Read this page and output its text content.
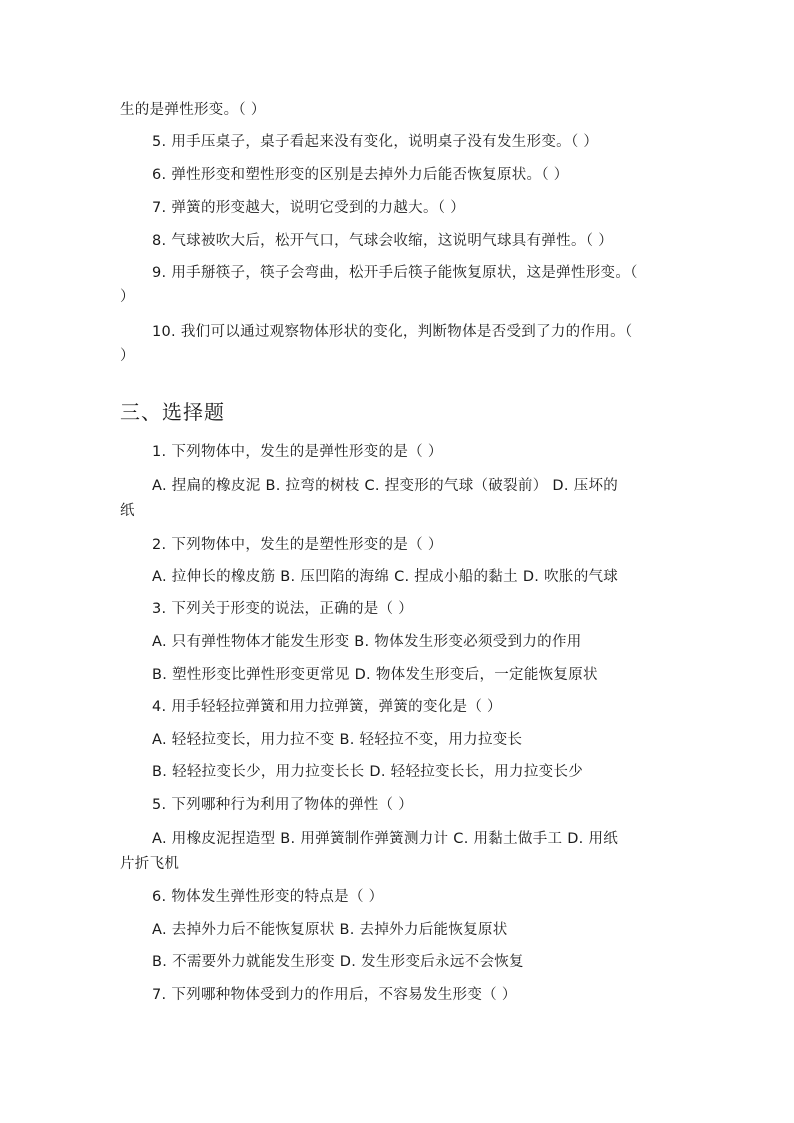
生的是弹性形变。（ ）
5. 用手压桌子，桌子看起来没有变化，说明桌子没有发生形变。（ ）
6. 弹性形变和塑性形变的区别是去掉外力后能否恢复原状。（ ）
7. 弹簧的形变越大，说明它受到的力越大。（ ）
8. 气球被吹大后，松开气口，气球会收缩，这说明气球具有弹性。（ ）
9. 用手掰筷子，筷子会弯曲，松开手后筷子能恢复原状，这是弹性形变。（
）
10. 我们可以通过观察物体形状的变化，判断物体是否受到了力的作用。（
）
三、选择题
1. 下列物体中，发生的是弹性形变的是（ ）
A. 捏扁的橡皮泥 B. 拉弯的树枝 C. 捏变形的气球（破裂前） D. 压坏的
纸
2. 下列物体中，发生的是塑性形变的是（ ）
A. 拉伸长的橡皮筋 B. 压凹陷的海绵 C. 捏成小船的黏土 D. 吹胀的气球
3. 下列关于形变的说法，正确的是（ ）
A. 只有弹性物体才能发生形变 B. 物体发生形变必须受到力的作用
B. 塑性形变比弹性形变更常见 D. 物体发生形变后，一定能恢复原状
4. 用手轻轻拉弹簧和用力拉弹簧，弹簧的变化是（ ）
A. 轻轻拉变长，用力拉不变 B. 轻轻拉不变，用力拉变长
B. 轻轻拉变长少，用力拉变长长 D. 轻轻拉变长长，用力拉变长少
5. 下列哪种行为利用了物体的弹性（ ）
A. 用橡皮泥捏造型 B. 用弹簧制作弹簧测力计 C. 用黏土做手工 D. 用纸
片折飞机
6. 物体发生弹性形变的特点是（ ）
A. 去掉外力后不能恢复原状 B. 去掉外力后能恢复原状
B. 不需要外力就能发生形变 D. 发生形变后永远不会恢复
7. 下列哪种物体受到力的作用后，不容易发生形变（ ）
